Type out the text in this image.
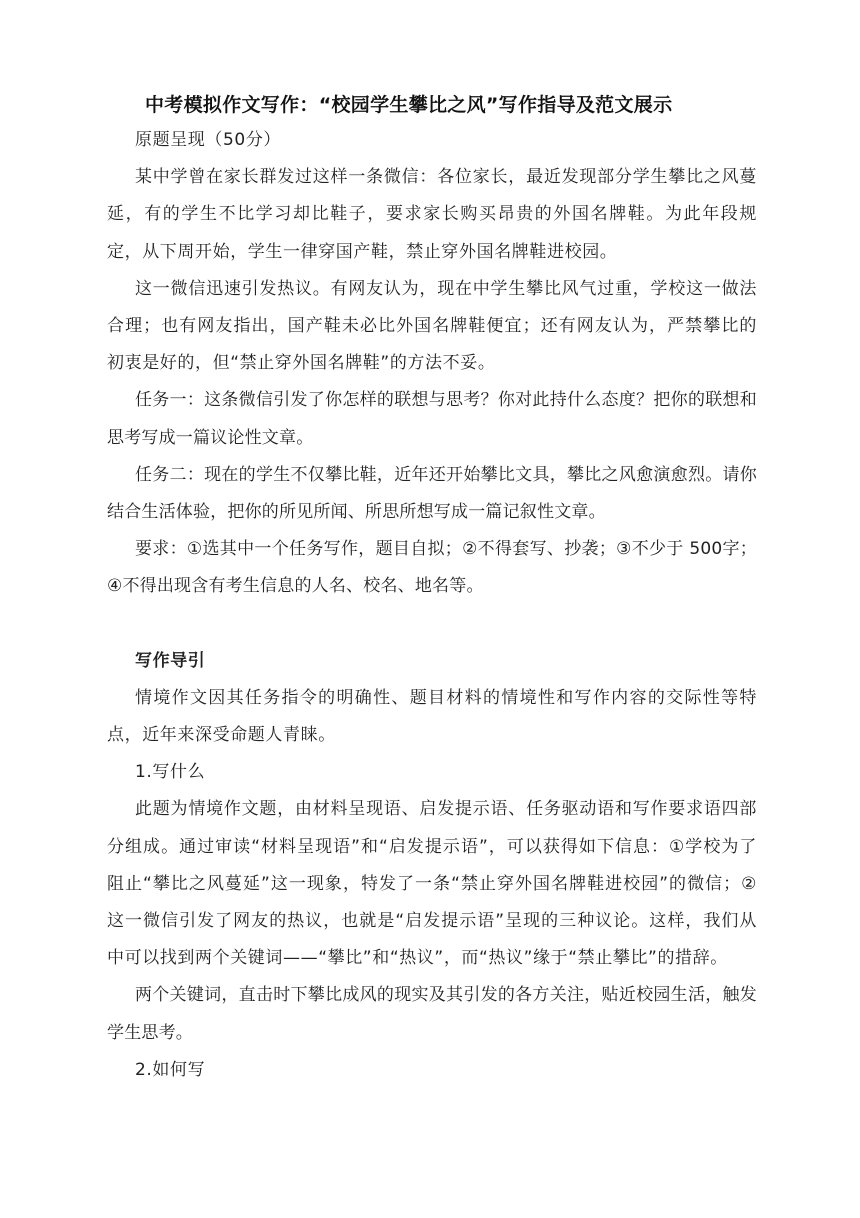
中考模拟作文写作：“校园学生攀比之风”写作指导及范文展示

原题呈现（50分）

某中学曾在家长群发过这样一条微信：各位家长，最近发现部分学生攀比之风蔓延，有的学生不比学习却比鞋子，要求家长购买昂贵的外国名牌鞋。为此年段规定，从下周开始，学生一律穿国产鞋，禁止穿外国名牌鞋进校园。

这一微信迅速引发热议。有网友认为，现在中学生攀比风气过重，学校这一做法合理；也有网友指出，国产鞋未必比外国名牌鞋便宜；还有网友认为，严禁攀比的初衷是好的，但“禁止穿外国名牌鞋”的方法不妥。

任务一：这条微信引发了你怎样的联想与思考？你对此持什么态度？把你的联想和思考写成一篇议论性文章。

任务二：现在的学生不仅攀比鞋，近年还开始攀比文具，攀比之风愈演愈烈。请你结合生活体验，把你的所见所闻、所思所想写成一篇记叙性文章。

要求：①选其中一个任务写作，题目自拟；②不得套写、抄袭；③不少于 500字；④不得出现含有考生信息的人名、校名、地名等。

写作导引

情境作文因其任务指令的明确性、题目材料的情境性和写作内容的交际性等特点，近年来深受命题人青睐。

1.写什么

此题为情境作文题，由材料呈现语、启发提示语、任务驱动语和写作要求语四部分组成。通过审读“材料呈现语”和“启发提示语”，可以获得如下信息：①学校为了阻止“攀比之风蔓延”这一现象，特发了一条“禁止穿外国名牌鞋进校园”的微信；②这一微信引发了网友的热议，也就是“启发提示语”呈现的三种议论。这样，我们从中可以找到两个关键词——“攀比”和“热议”，而“热议”缘于“禁止攀比”的措辞。

两个关键词，直击时下攀比成风的现实及其引发的各方关注，贴近校园生活，触发学生思考。

2.如何写
